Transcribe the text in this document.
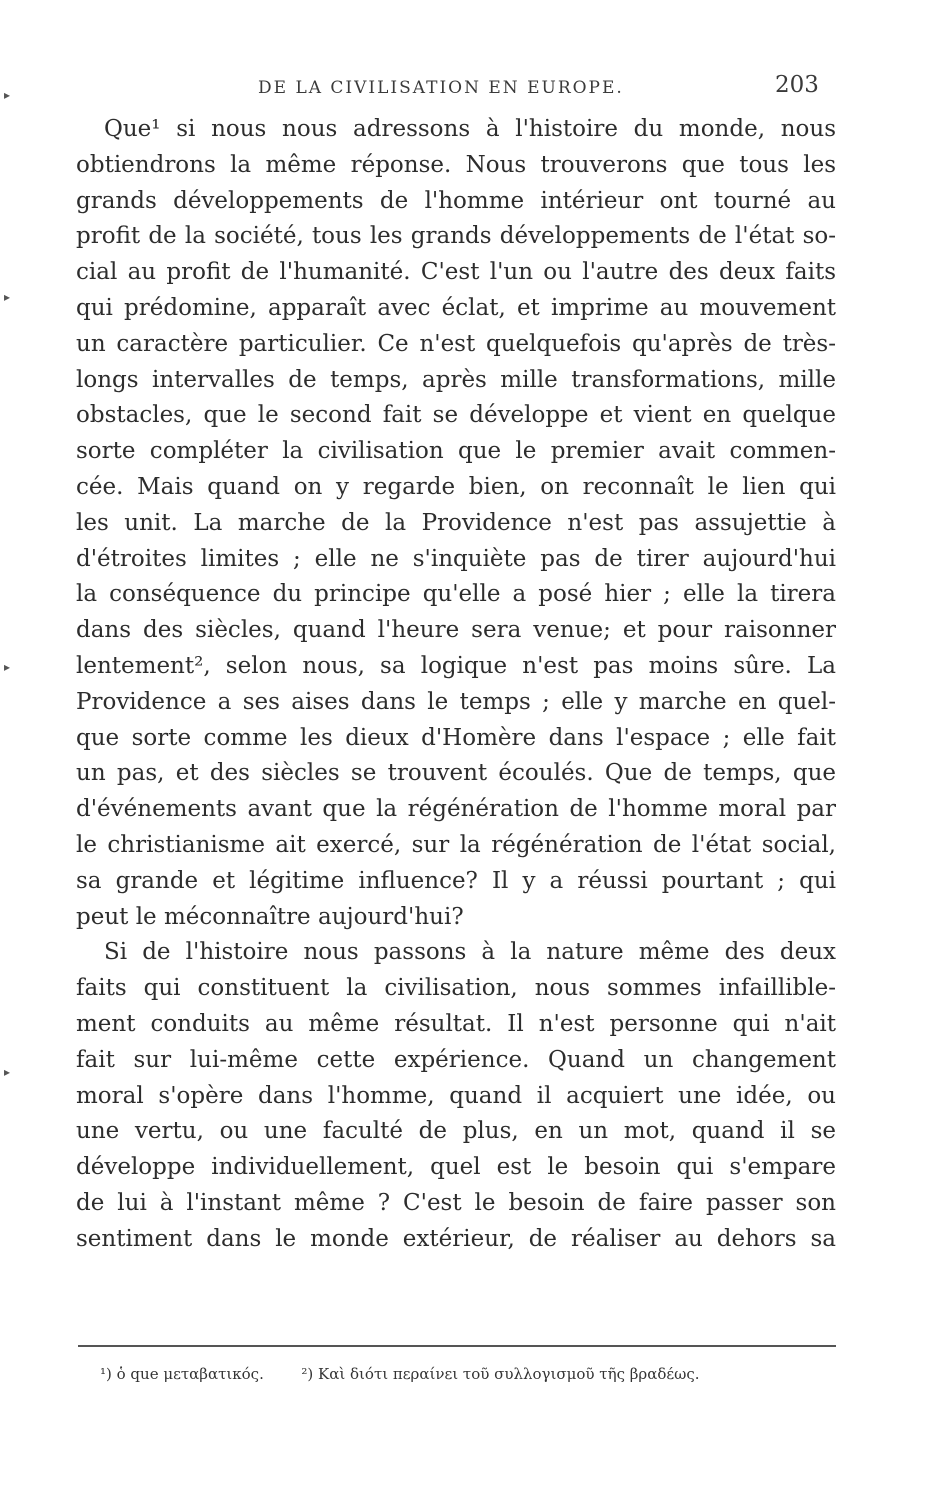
DE LA CIVILISATION EN EUROPE.	203
▸
▸
▸
▸
Que¹ si nous nous adressons à l'histoire du monde, nous
obtiendrons la même réponse. Nous trouverons que tous les
grands développements de l'homme intérieur ont tourné au
profit de la société, tous les grands développements de l'état so-
cial au profit de l'humanité. C'est l'un ou l'autre des deux faits
qui prédomine, apparaît avec éclat, et imprime au mouvement
un caractère particulier. Ce n'est quelquefois qu'après de très-
longs intervalles de temps, après mille transformations, mille
obstacles, que le second fait se développe et vient en quelque
sorte compléter la civilisation que le premier avait commen-
cée. Mais quand on y regarde bien, on reconnaît le lien qui
les unit. La marche de la Providence n'est pas assujettie à
d'étroites limites ; elle ne s'inquiète pas de tirer aujourd'hui
la conséquence du principe qu'elle a posé hier ; elle la tirera
dans des siècles, quand l'heure sera venue; et pour raisonner
lentement², selon nous, sa logique n'est pas moins sûre. La
Providence a ses aises dans le temps ; elle y marche en quel-
que sorte comme les dieux d'Homère dans l'espace ; elle fait
un pas, et des siècles se trouvent écoulés. Que de temps, que
d'événements avant que la régénération de l'homme moral par
le christianisme ait exercé, sur la régénération de l'état social,
sa grande et légitime influence? Il y a réussi pourtant ; qui
peut le méconnaître aujourd'hui?
Si de l'histoire nous passons à la nature même des deux
faits qui constituent la civilisation, nous sommes infaillible-
ment conduits au même résultat. Il n'est personne qui n'ait
fait sur lui-même cette expérience. Quand un changement
moral s'opère dans l'homme, quand il acquiert une idée, ou
une vertu, ou une faculté de plus, en un mot, quand il se
développe individuellement, quel est le besoin qui s'empare
de lui à l'instant même ? C'est le besoin de faire passer son
sentiment dans le monde extérieur, de réaliser au dehors sa
¹) ὁ que μεταβατικός.	²) Καὶ διότι περαίνει τοῦ συλλογισμοῦ τῆς βραδέως.
